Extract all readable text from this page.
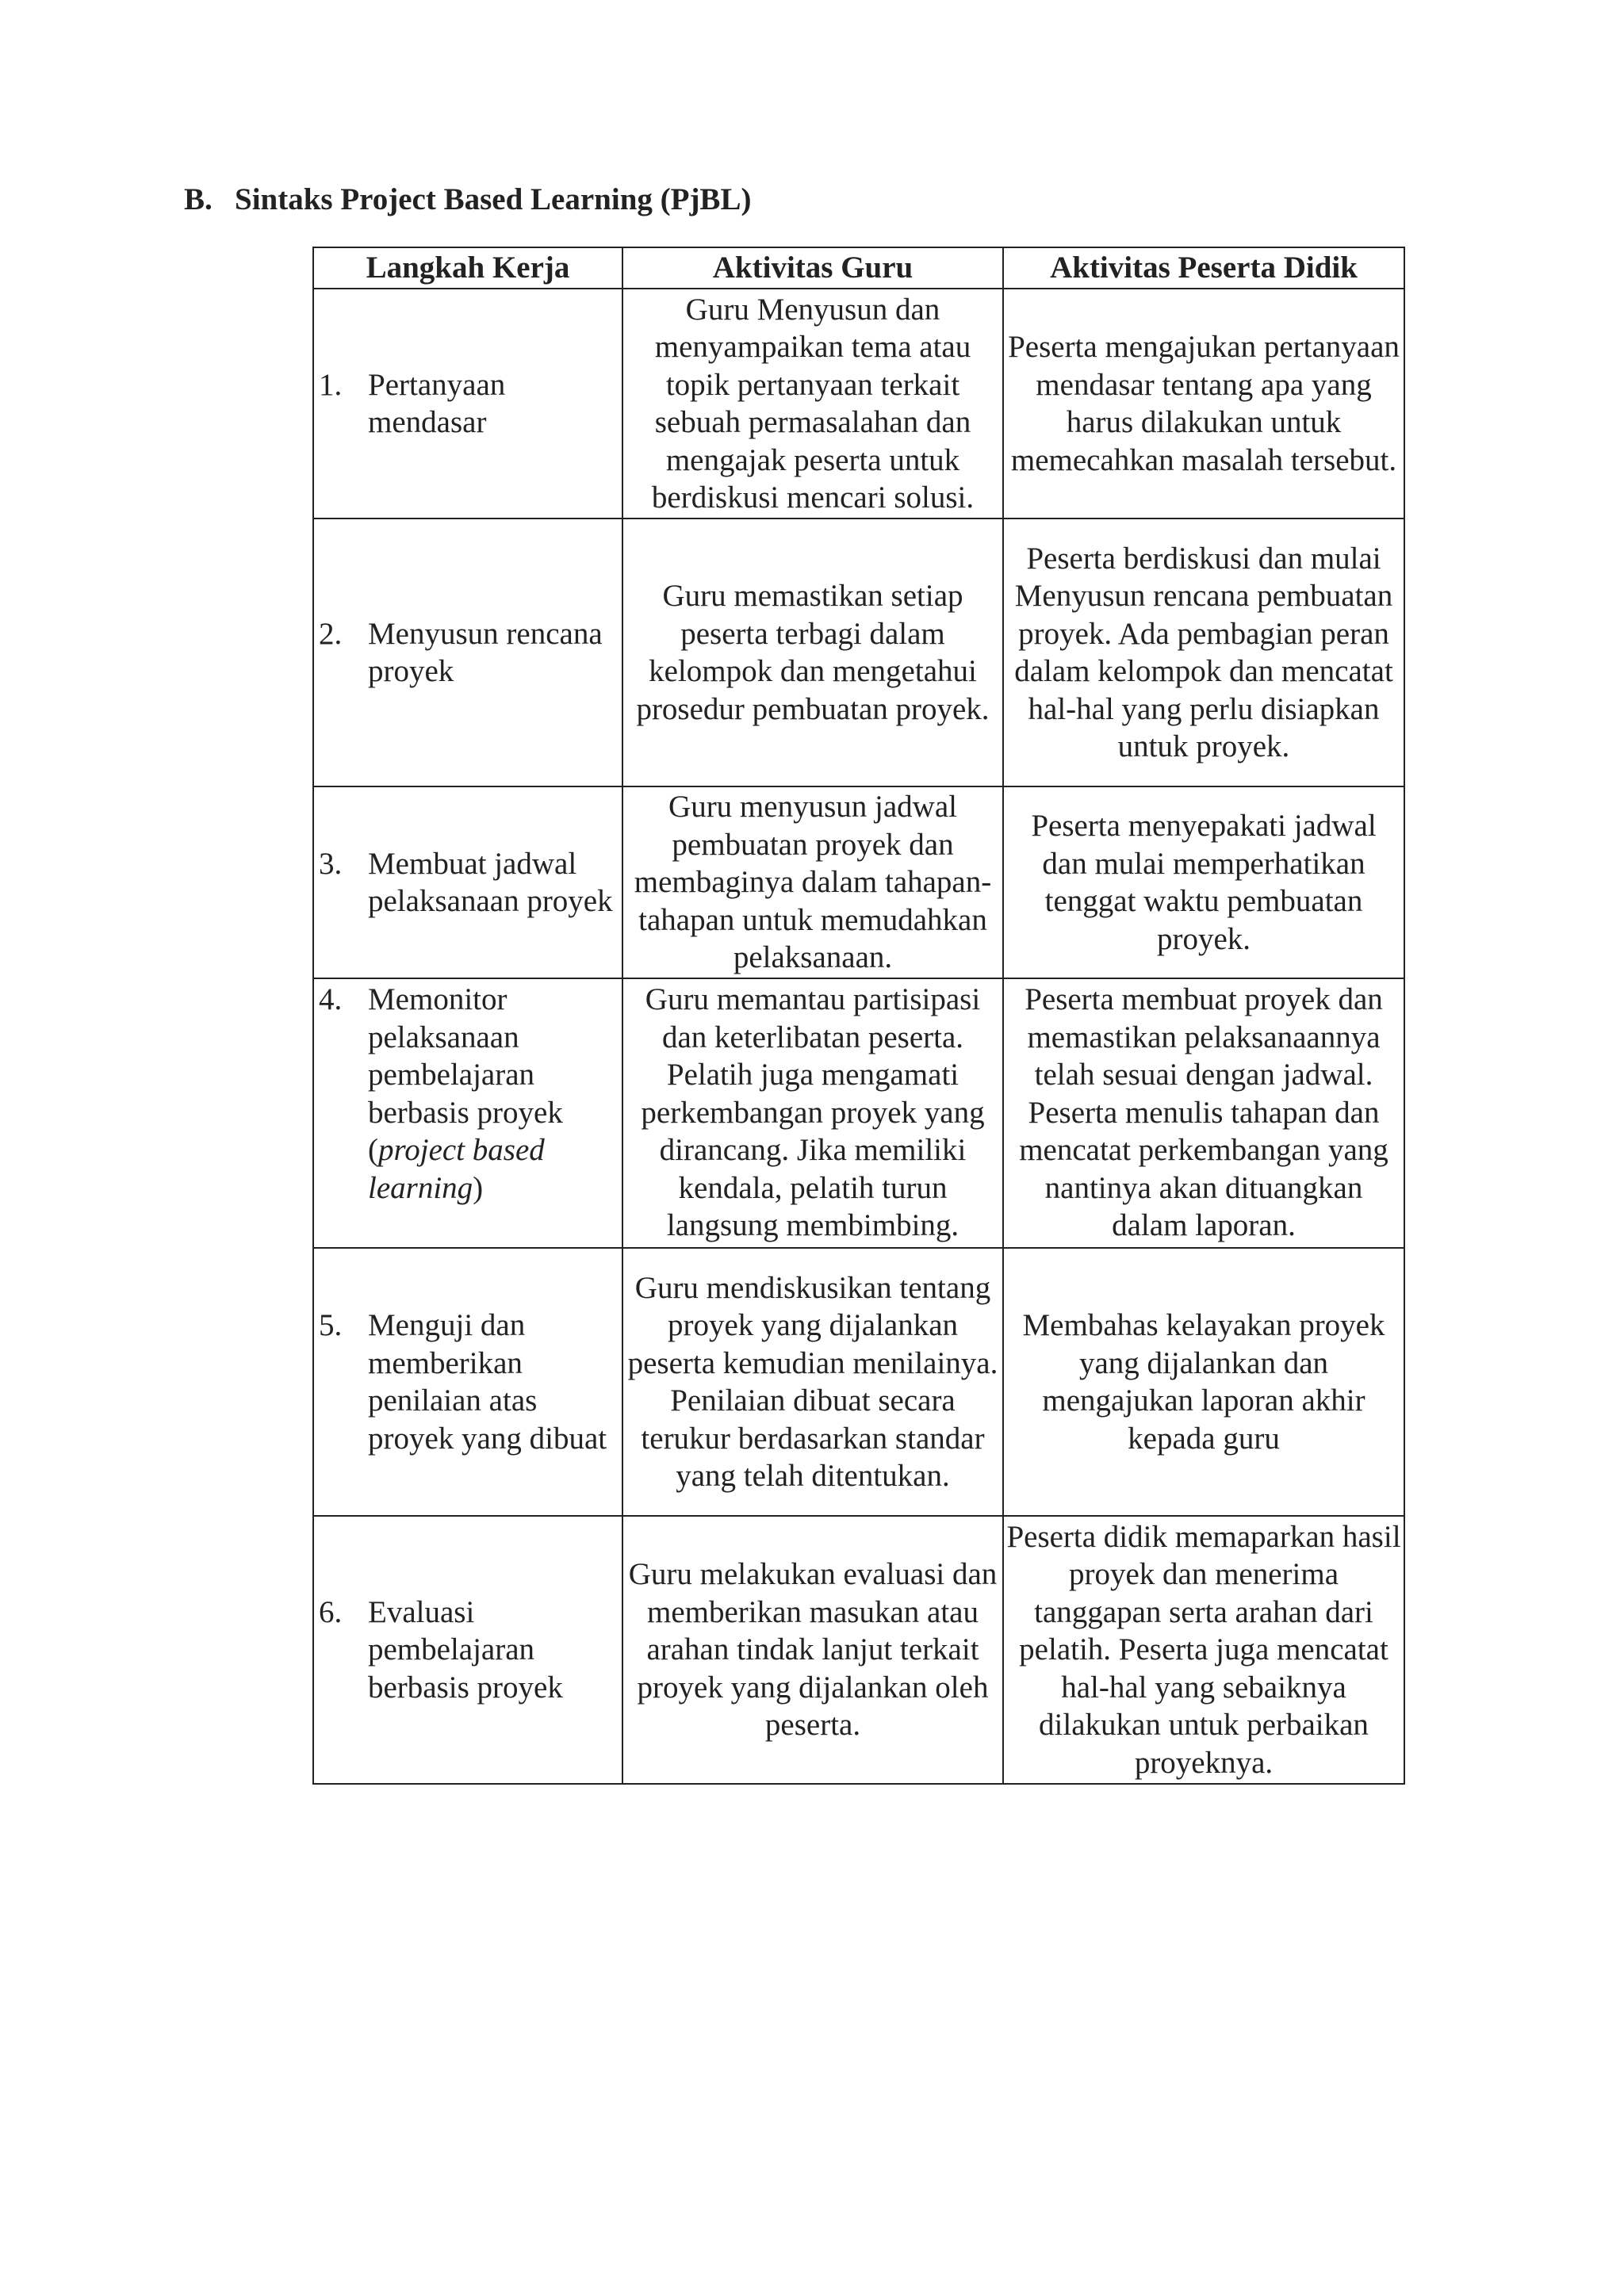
B. Sintaks Project Based Learning (PjBL)
Langkah Kerja	Aktivitas Guru	Aktivitas Peserta Didik

1. Pertanyaan mendasar	Guru Menyusun dan menyampaikan tema atau topik pertanyaan terkait sebuah permasalahan dan mengajak peserta untuk berdiskusi mencari solusi.	Peserta mengajukan pertanyaan mendasar tentang apa yang harus dilakukan untuk memecahkan masalah tersebut.

2. Menyusun rencana proyek	Guru memastikan setiap peserta terbagi dalam kelompok dan mengetahui prosedur pembuatan proyek.	Peserta berdiskusi dan mulai Menyusun rencana pembuatan proyek. Ada pembagian peran dalam kelompok dan mencatat hal-hal yang perlu disiapkan untuk proyek.

3. Membuat jadwal pelaksanaan proyek	Guru menyusun jadwal pembuatan proyek dan membaginya dalam tahapan-tahapan untuk memudahkan pelaksanaan.	Peserta menyepakati jadwal dan mulai memperhatikan tenggat waktu pembuatan proyek.

4. Memonitor pelaksanaan pembelajaran berbasis proyek (project based learning)	Guru memantau partisipasi dan keterlibatan peserta. Pelatih juga mengamati perkembangan proyek yang dirancang. Jika memiliki kendala, pelatih turun langsung membimbing.	Peserta membuat proyek dan memastikan pelaksanaannya telah sesuai dengan jadwal. Peserta menulis tahapan dan mencatat perkembangan yang nantinya akan dituangkan dalam laporan.

5. Menguji dan memberikan penilaian atas proyek yang dibuat	Guru mendiskusikan tentang proyek yang dijalankan peserta kemudian menilainya. Penilaian dibuat secara terukur berdasarkan standar yang telah ditentukan.	Membahas kelayakan proyek yang dijalankan dan mengajukan laporan akhir kepada guru

6. Evaluasi pembelajaran berbasis proyek	Guru melakukan evaluasi dan memberikan masukan atau arahan tindak lanjut terkait proyek yang dijalankan oleh peserta.	Peserta didik memaparkan hasil proyek dan menerima tanggapan serta arahan dari pelatih. Peserta juga mencatat hal-hal yang sebaiknya dilakukan untuk perbaikan proyeknya.
